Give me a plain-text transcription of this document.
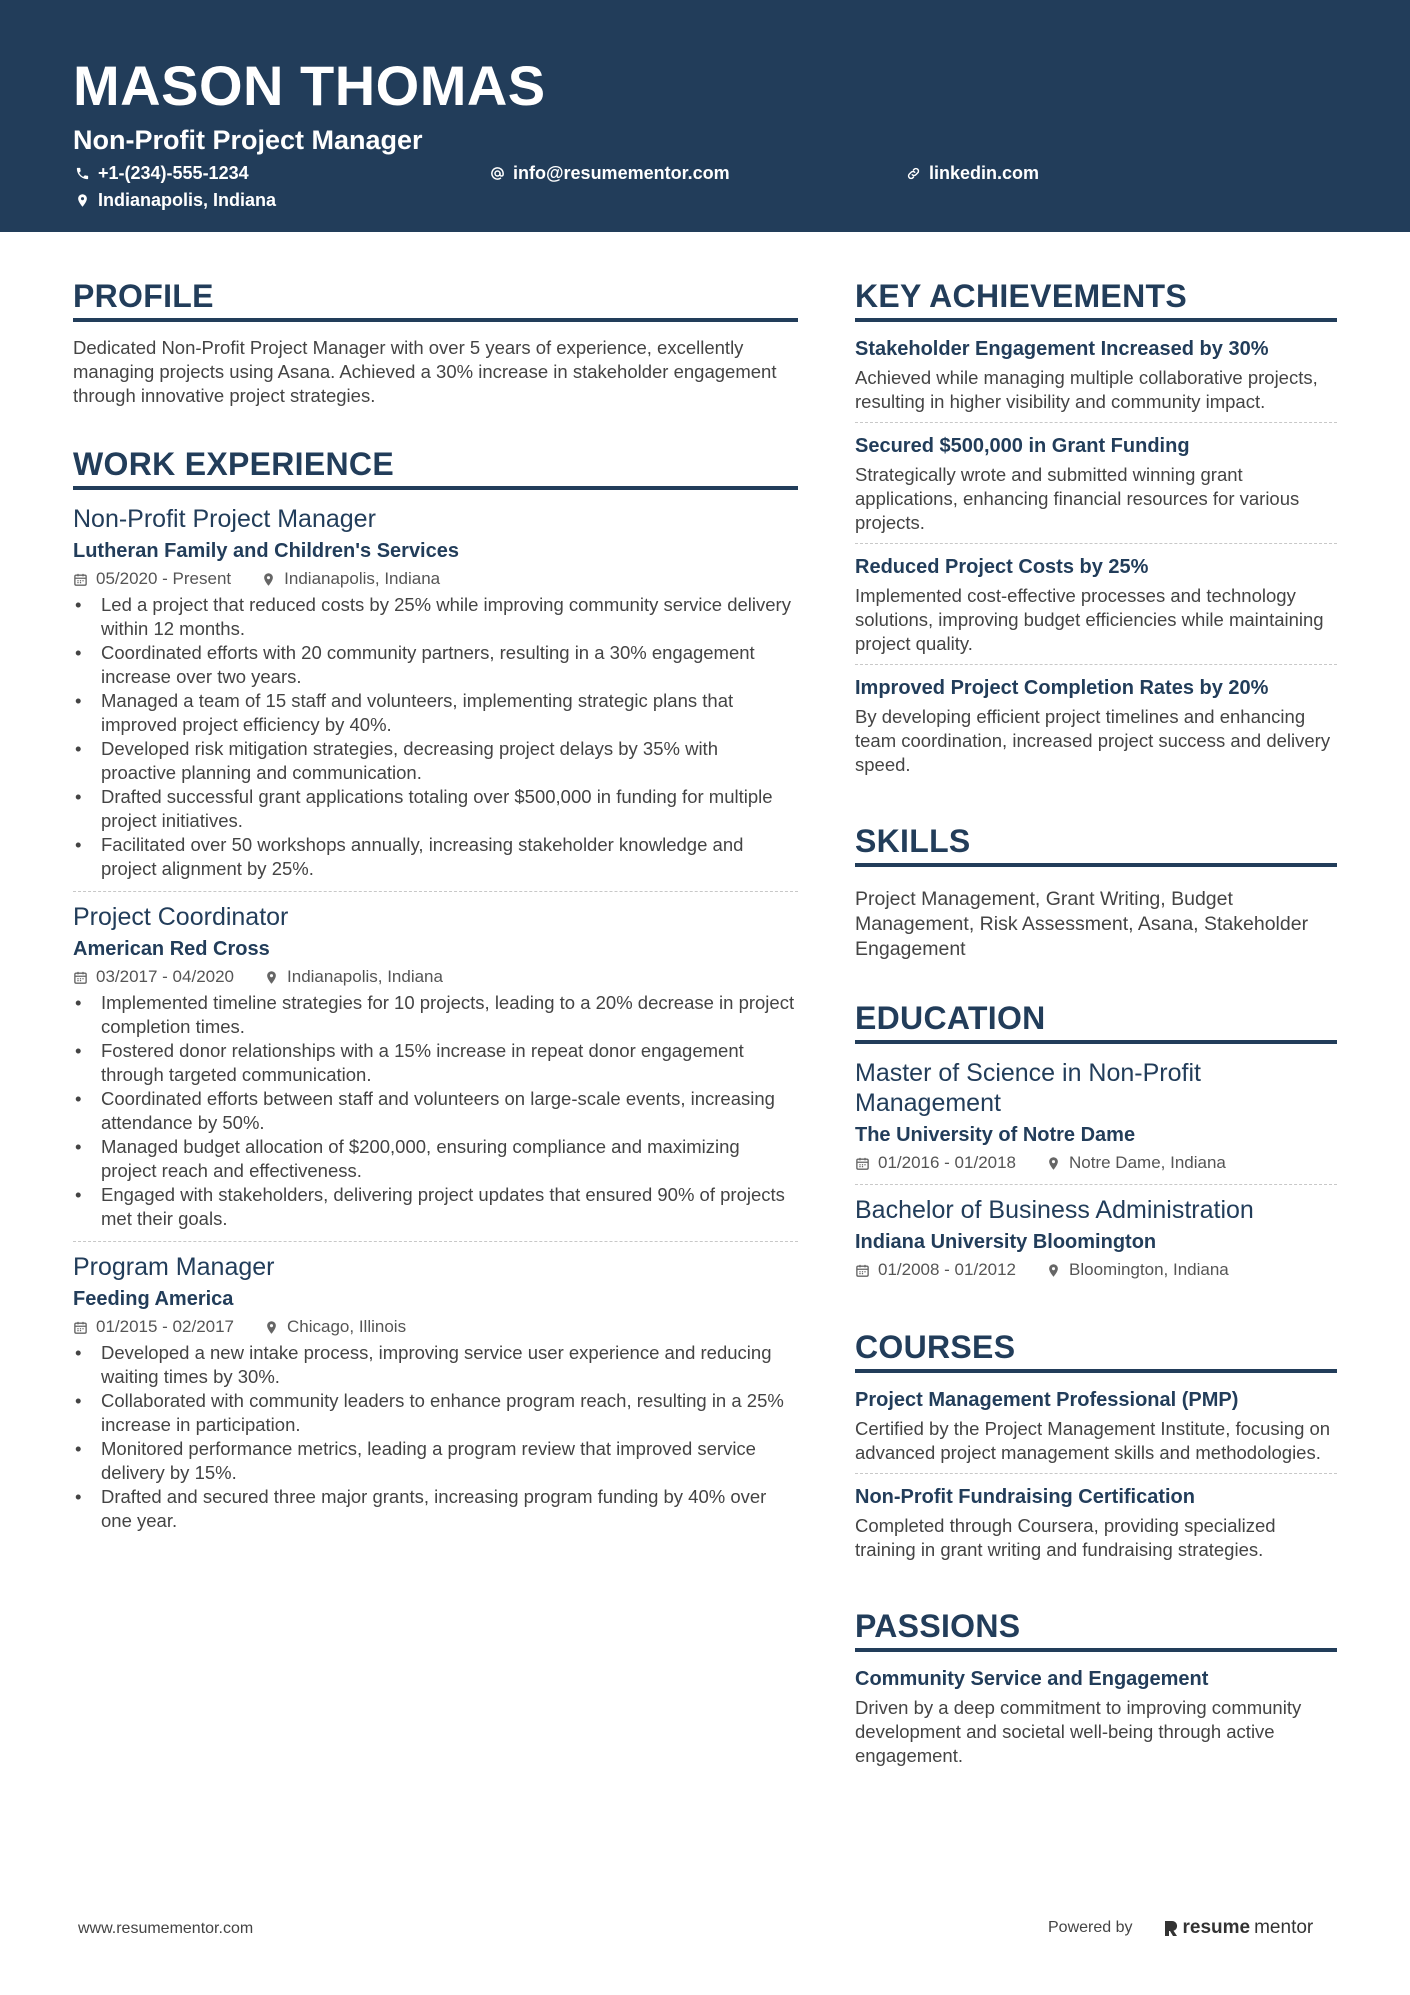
MASON THOMAS
Non-Profit Project Manager
+1-(234)-555-1234	info@resumementor.com	linkedin.com
Indianapolis, Indiana
PROFILE
Dedicated Non-Profit Project Manager with over 5 years of experience, excellently managing projects using Asana. Achieved a 30% increase in stakeholder engagement through innovative project strategies.
WORK EXPERIENCE
Non-Profit Project Manager
Lutheran Family and Children's Services
05/2020 - Present	Indianapolis, Indiana
• Led a project that reduced costs by 25% while improving community service delivery within 12 months.
• Coordinated efforts with 20 community partners, resulting in a 30% engagement increase over two years.
• Managed a team of 15 staff and volunteers, implementing strategic plans that improved project efficiency by 40%.
• Developed risk mitigation strategies, decreasing project delays by 35% with proactive planning and communication.
• Drafted successful grant applications totaling over $500,000 in funding for multiple project initiatives.
• Facilitated over 50 workshops annually, increasing stakeholder knowledge and project alignment by 25%.
Project Coordinator
American Red Cross
03/2017 - 04/2020	Indianapolis, Indiana
• Implemented timeline strategies for 10 projects, leading to a 20% decrease in project completion times.
• Fostered donor relationships with a 15% increase in repeat donor engagement through targeted communication.
• Coordinated efforts between staff and volunteers on large-scale events, increasing attendance by 50%.
• Managed budget allocation of $200,000, ensuring compliance and maximizing project reach and effectiveness.
• Engaged with stakeholders, delivering project updates that ensured 90% of projects met their goals.
Program Manager
Feeding America
01/2015 - 02/2017	Chicago, Illinois
• Developed a new intake process, improving service user experience and reducing waiting times by 30%.
• Collaborated with community leaders to enhance program reach, resulting in a 25% increase in participation.
• Monitored performance metrics, leading a program review that improved service delivery by 15%.
• Drafted and secured three major grants, increasing program funding by 40% over one year.
KEY ACHIEVEMENTS
Stakeholder Engagement Increased by 30%
Achieved while managing multiple collaborative projects, resulting in higher visibility and community impact.
Secured $500,000 in Grant Funding
Strategically wrote and submitted winning grant applications, enhancing financial resources for various projects.
Reduced Project Costs by 25%
Implemented cost-effective processes and technology solutions, improving budget efficiencies while maintaining project quality.
Improved Project Completion Rates by 20%
By developing efficient project timelines and enhancing team coordination, increased project success and delivery speed.
SKILLS
Project Management, Grant Writing, Budget Management, Risk Assessment, Asana, Stakeholder Engagement
EDUCATION
Master of Science in Non-Profit Management
The University of Notre Dame
01/2016 - 01/2018	Notre Dame, Indiana
Bachelor of Business Administration
Indiana University Bloomington
01/2008 - 01/2012	Bloomington, Indiana
COURSES
Project Management Professional (PMP)
Certified by the Project Management Institute, focusing on advanced project management skills and methodologies.
Non-Profit Fundraising Certification
Completed through Coursera, providing specialized training in grant writing and fundraising strategies.
PASSIONS
Community Service and Engagement
Driven by a deep commitment to improving community development and societal well-being through active engagement.
www.resumementor.com	Powered by	resume mentor
